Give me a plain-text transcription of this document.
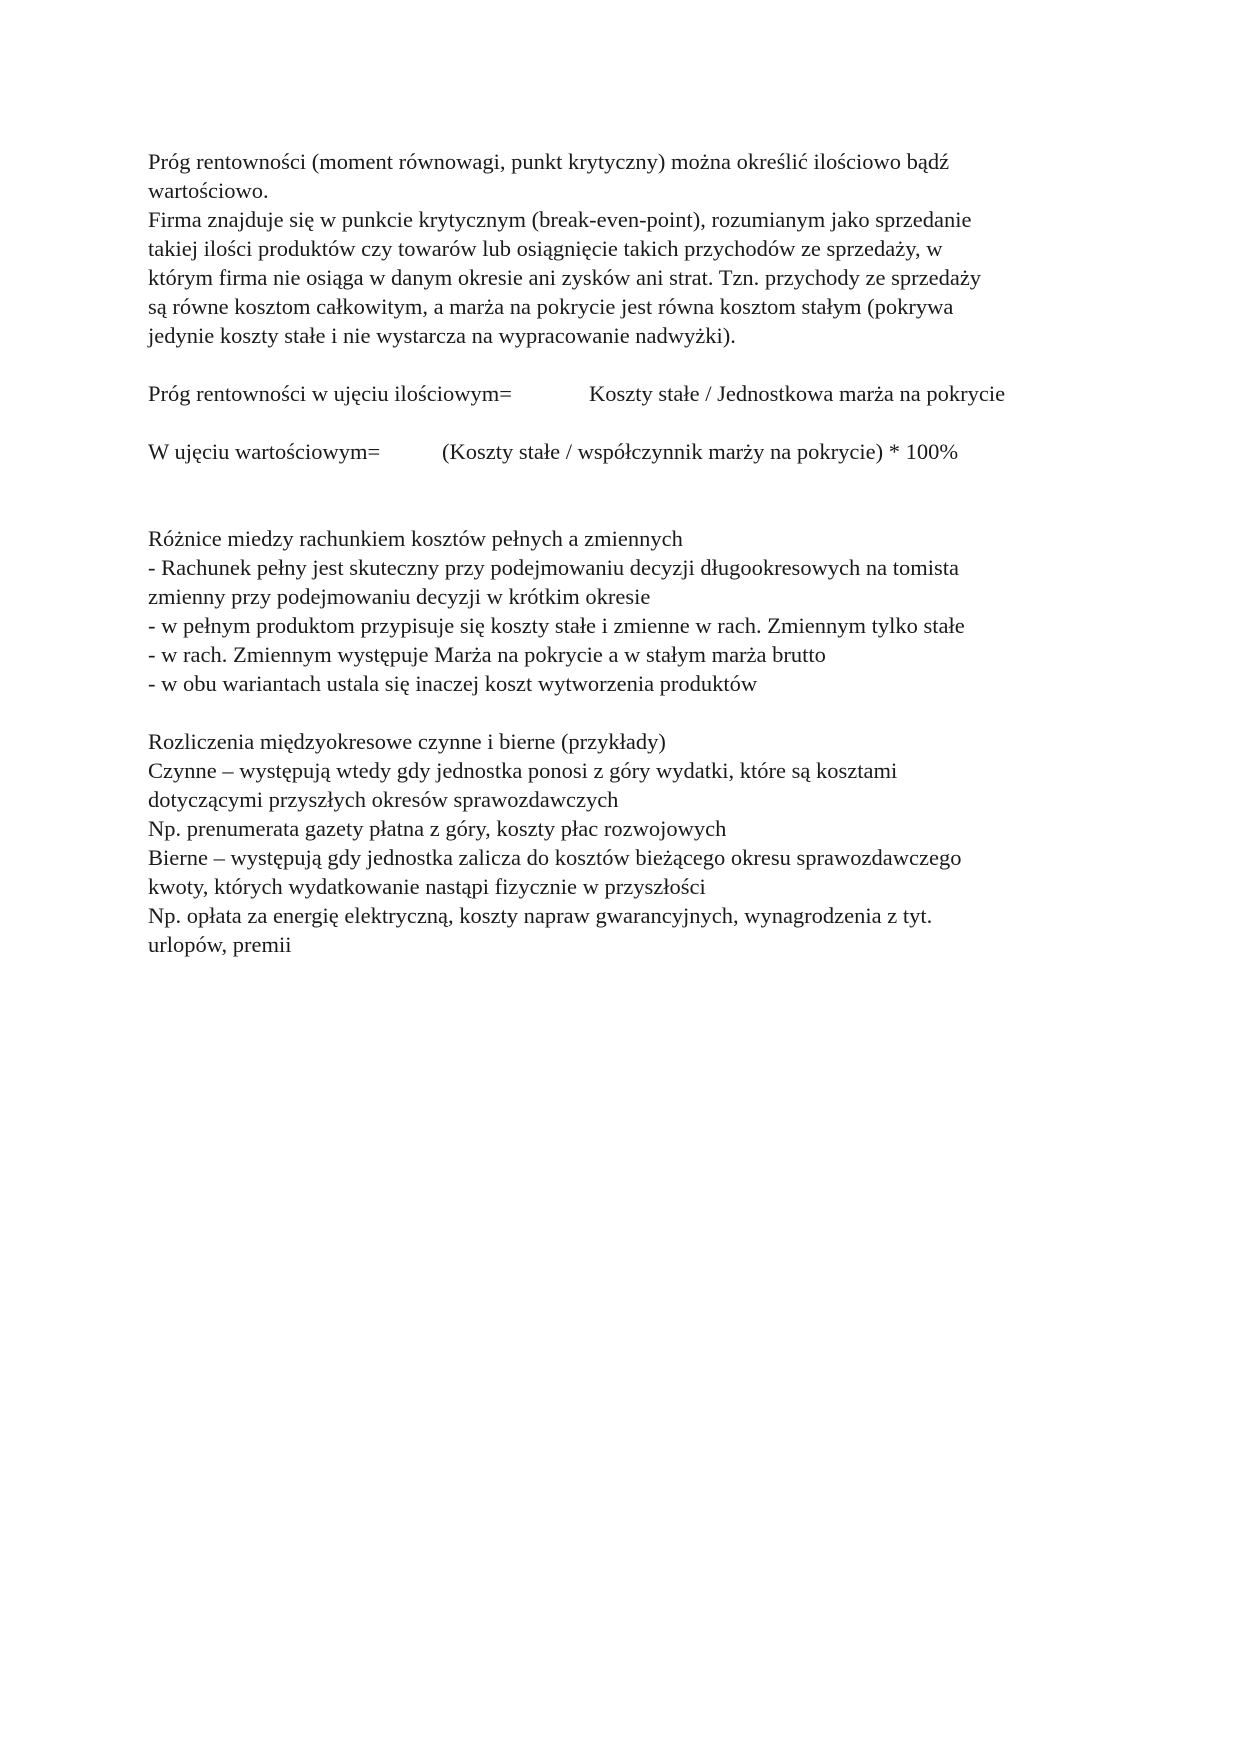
Próg rentowności (moment równowagi, punkt krytyczny) można określić ilościowo bądź
wartościowo.
Firma znajduje się w punkcie krytycznym (break-even-point), rozumianym jako sprzedanie
takiej ilości produktów czy towarów lub osiągnięcie takich przychodów ze sprzedaży, w
którym firma nie osiąga w danym okresie ani zysków ani strat. Tzn. przychody ze sprzedaży
są równe kosztom całkowitym, a marża na pokrycie jest równa kosztom stałym (pokrywa
jedynie koszty stałe i nie wystarcza na wypracowanie nadwyżki).
Próg rentowności w ujęciu ilościowym=	Koszty stałe / Jednostkowa marża na pokrycie
W ujęciu wartościowym=	(Koszty stałe / współczynnik marży na pokrycie) * 100%
Różnice miedzy rachunkiem kosztów pełnych a zmiennych
- Rachunek pełny jest skuteczny przy podejmowaniu decyzji długookresowych na tomista
zmienny przy podejmowaniu decyzji w krótkim okresie
- w pełnym produktom przypisuje się koszty stałe i zmienne w rach. Zmiennym tylko stałe
- w rach. Zmiennym występuje Marża na pokrycie a w stałym marża brutto
- w obu wariantach ustala się inaczej koszt wytworzenia produktów
Rozliczenia międzyokresowe czynne i bierne (przykłady)
Czynne – występują wtedy gdy jednostka ponosi z góry wydatki, które są kosztami
dotyczącymi przyszłych okresów sprawozdawczych
Np. prenumerata gazety płatna z góry, koszty płac rozwojowych
Bierne – występują gdy jednostka zalicza do kosztów bieżącego okresu sprawozdawczego
kwoty, których wydatkowanie nastąpi fizycznie w przyszłości
Np. opłata za energię elektryczną, koszty napraw gwarancyjnych, wynagrodzenia z tyt.
urlopów, premii
